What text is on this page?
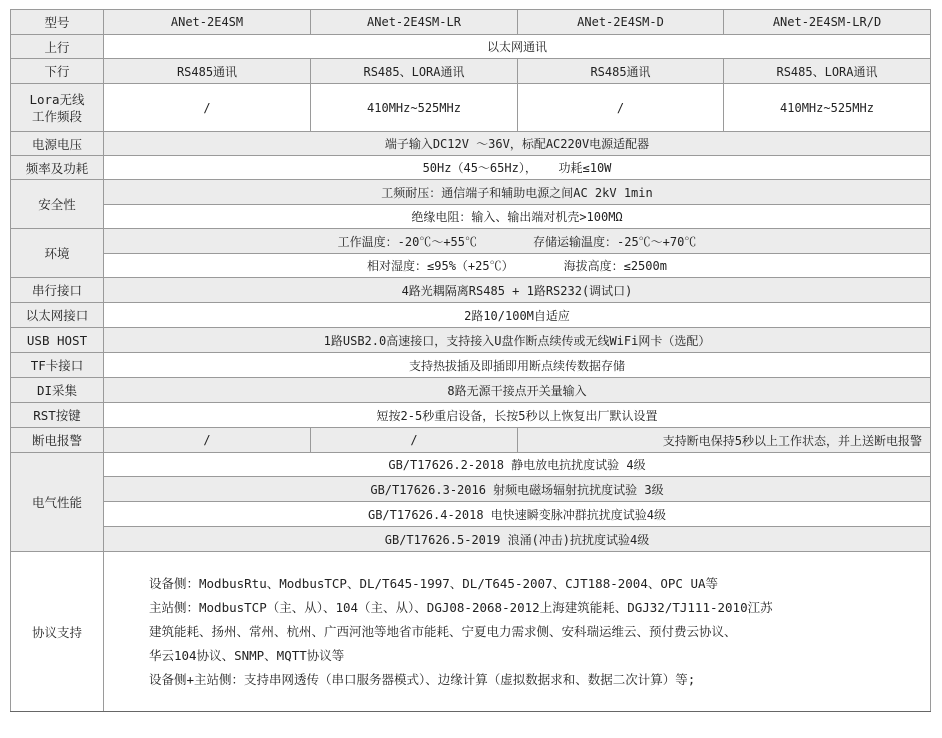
型号	ANet-2E4SM	ANet-2E4SM-LR	ANet-2E4SM-D	ANet-2E4SM-LR/D
上行	以太网通讯			
下行	RS485通讯	RS485、LORA通讯	RS485通讯	RS485、LORA通讯

Lora无线
工作频段	/	410MHz~525MHz	/	410MHz~525MHz
电源电压	端子输入DC12V ～36V，标配AC220V电源适配器			
频率及功耗	50Hz（45～65Hz），   功耗≤10W			
安全性	工频耐压：通信端子和辅助电源之间AC 2kV 1min			
	绝缘电阻：输入、输出端对机壳>100MΩ			
环境	工作温度：-20℃～+55℃ 存储运输温度：-25℃～+70℃			
	相对湿度：≤95%（+25℃） 海拔高度：≤2500m			
串行接口	4路光耦隔离RS485 + 1路RS232(调试口)			
以太网接口	2路10/100M自适应			
USB HOST	1路USB2.0高速接口，支持接入U盘作断点续传或无线WiFi网卡（选配）			
TF卡接口	支持热拔插及即插即用断点续传数据存储			
DI采集	8路无源干接点开关量输入			
RST按键	短按2-5秒重启设备，长按5秒以上恢复出厂默认设置			
断电报警	/	/	支持断电保持5秒以上工作状态，并上送断电报警	
电气性能	GB/T17626.2-2018 静电放电抗扰度试验 4级			
	GB/T17626.3-2016 射频电磁场辐射抗扰度试验 3级			
	GB/T17626.4-2018 电快速瞬变脉冲群抗扰度试验4级			
	GB/T17626.5-2019 浪涌(冲击)抗扰度试验4级			
协议支持	设备侧：ModbusRtu、ModbusTCP、DL/T645-1997、DL/T645-2007、CJT188-2004、OPC UA等
主站侧：ModbusTCP（主、从）、104（主、从）、DGJ08-2068-2012上海建筑能耗、DGJ32/TJ111-2010江苏
建筑能耗、扬州、常州、杭州、广西河池等地省市能耗、宁夏电力需求侧、安科瑞运维云、预付费云协议、
华云104协议、SNMP、MQTT协议等
设备侧+主站侧：支持串网透传（串口服务器模式）、边缘计算（虚拟数据求和、数据二次计算）等;			
